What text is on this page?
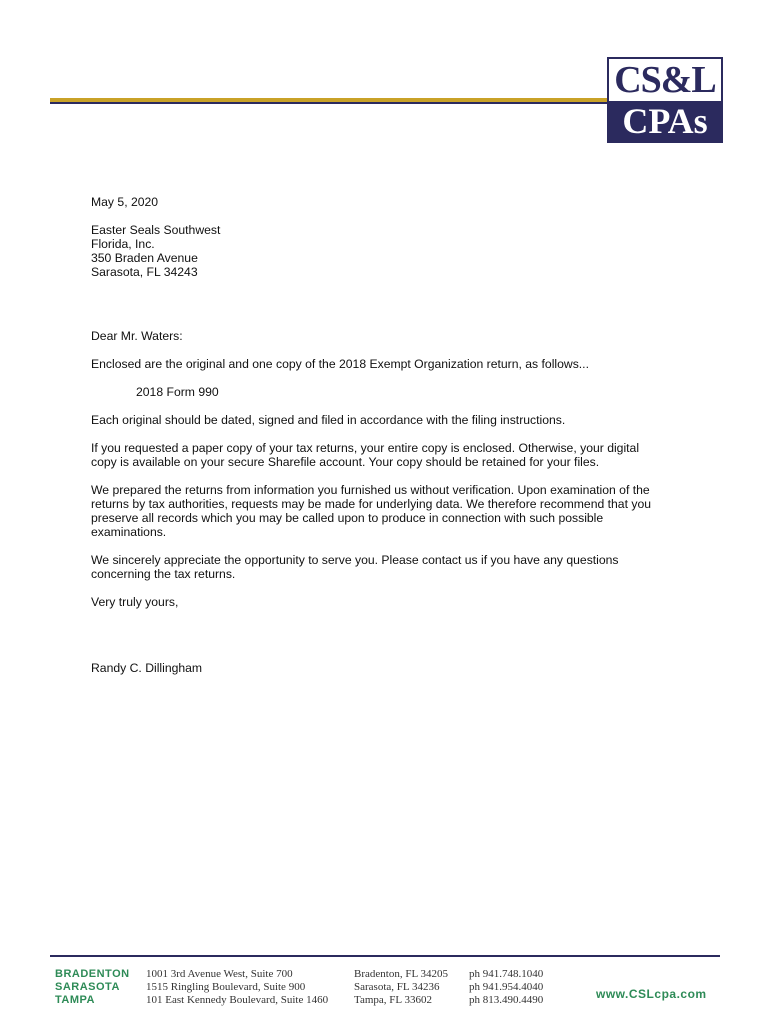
CS&L
CPAs

May 5, 2020

Easter Seals Southwest
Florida, Inc.
350 Braden Avenue
Sarasota, FL 34243

Dear Mr. Waters:

Enclosed are the original and one copy of the 2018 Exempt Organization return, as follows...

2018 Form 990

Each original should be dated, signed and filed in accordance with the filing instructions.

If you requested a paper copy of your tax returns, your entire copy is enclosed. Otherwise, your digital
copy is available on your secure Sharefile account. Your copy should be retained for your files.

We prepared the returns from information you furnished us without verification. Upon examination of the
returns by tax authorities, requests may be made for underlying data. We therefore recommend that you
preserve all records which you may be called upon to produce in connection with such possible
examinations.

We sincerely appreciate the opportunity to serve you. Please contact us if you have any questions
concerning the tax returns.

Very truly yours,

Randy C. Dillingham

BRADENTON
SARASOTA
TAMPA
1001 3rd Avenue West, Suite 700
1515 Ringling Boulevard, Suite 900
101 East Kennedy Boulevard, Suite 1460
Bradenton, FL 34205
Sarasota, FL 34236
Tampa, FL 33602
ph 941.748.1040
ph 941.954.4040
ph 813.490.4490	www.CSLcpa.com
